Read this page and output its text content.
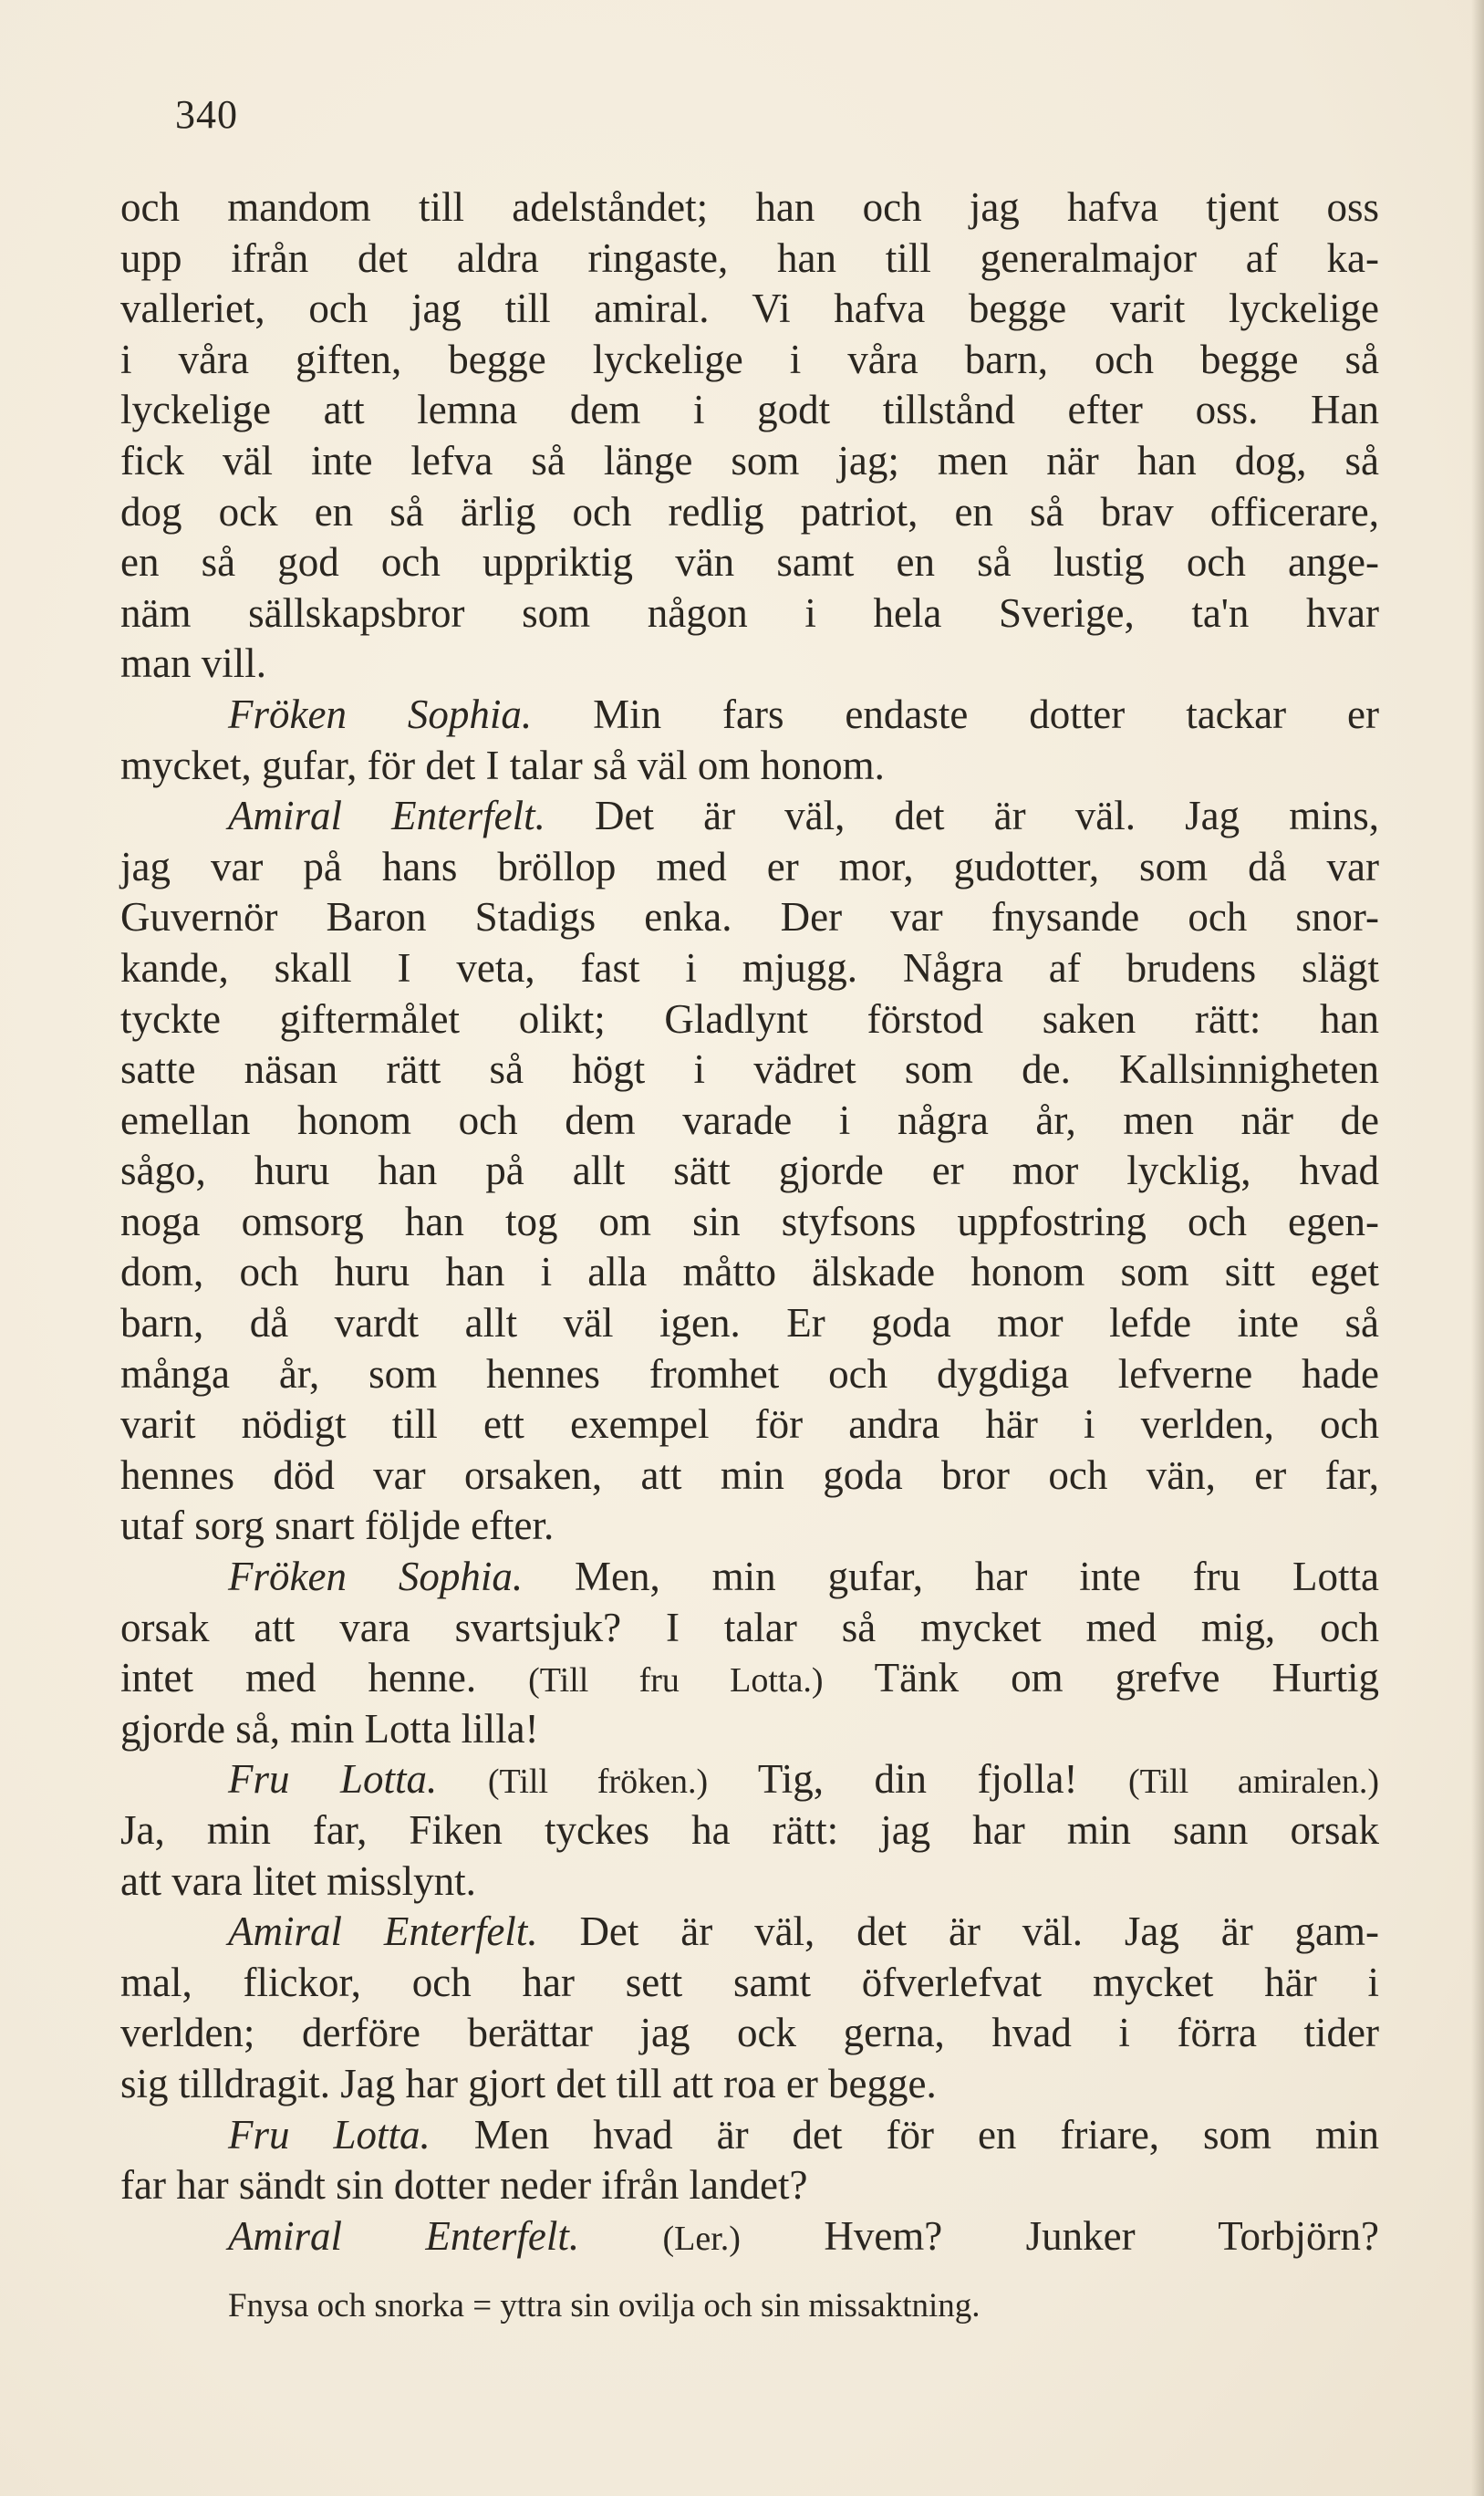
340
och mandom till adelståndet; han och jag hafva tjent oss
upp ifrån det aldra ringaste, han till generalmajor af ka-
valleriet, och jag till amiral. Vi hafva begge varit lyckelige
i våra giften, begge lyckelige i våra barn, och begge så
lyckelige att lemna dem i godt tillstånd efter oss. Han
fick väl inte lefva så länge som jag; men när han dog, så
dog ock en så ärlig och redlig patriot, en så brav officerare,
en så god och uppriktig vän samt en så lustig och ange-
näm sällskapsbror som någon i hela Sverige, ta'n hvar
man vill.
Fröken Sophia. Min fars endaste dotter tackar er
mycket, gufar, för det I talar så väl om honom.
Amiral Enterfelt. Det är väl, det är väl. Jag mins,
jag var på hans bröllop med er mor, gudotter, som då var
Guvernör Baron Stadigs enka. Der var fnysande och snor-
kande, skall I veta, fast i mjugg. Några af brudens slägt
tyckte giftermålet olikt; Gladlynt förstod saken rätt: han
satte näsan rätt så högt i vädret som de. Kallsinnigheten
emellan honom och dem varade i några år, men när de
sågo, huru han på allt sätt gjorde er mor lycklig, hvad
noga omsorg han tog om sin styfsons uppfostring och egen-
dom, och huru han i alla måtto älskade honom som sitt eget
barn, då vardt allt väl igen. Er goda mor lefde inte så
många år, som hennes fromhet och dygdiga lefverne hade
varit nödigt till ett exempel för andra här i verlden, och
hennes död var orsaken, att min goda bror och vän, er far,
utaf sorg snart följde efter.
Fröken Sophia. Men, min gufar, har inte fru Lotta
orsak att vara svartsjuk? I talar så mycket med mig, och
intet med henne. (Till fru Lotta.) Tänk om grefve Hurtig
gjorde så, min Lotta lilla!
Fru Lotta. (Till fröken.) Tig, din fjolla! (Till amiralen.)
Ja, min far, Fiken tyckes ha rätt: jag har min sann orsak
att vara litet misslynt.
Amiral Enterfelt. Det är väl, det är väl. Jag är gam-
mal, flickor, och har sett samt öfverlefvat mycket här i
verlden; derföre berättar jag ock gerna, hvad i förra tider
sig tilldragit. Jag har gjort det till att roa er begge.
Fru Lotta. Men hvad är det för en friare, som min
far har sändt sin dotter neder ifrån landet?
Amiral Enterfelt. (Ler.) Hvem? Junker Torbjörn?
Fnysa och snorka = yttra sin ovilja och sin missaktning.
